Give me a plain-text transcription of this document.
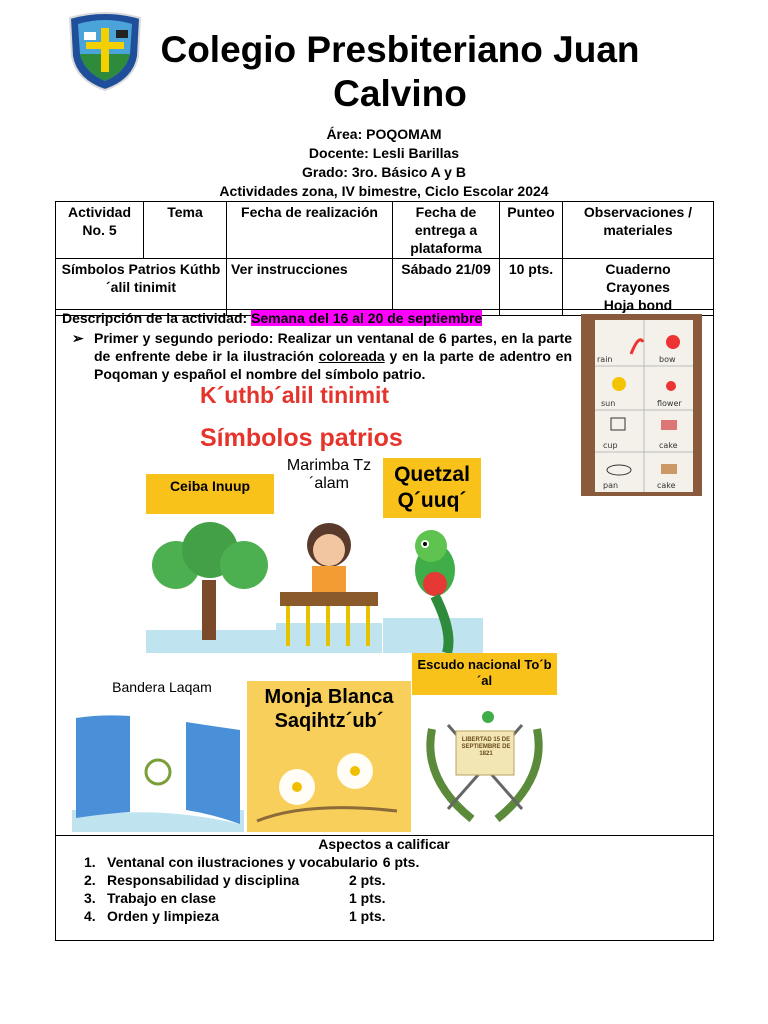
Colegio Presbiteriano Juan Calvino
Área: POQOMAM
Docente: Lesli Barillas
Grado: 3ro. Básico A y B
Actividades zona, IV bimestre, Ciclo Escolar 2024
Actividad No. 5	Tema	Fecha de realización	Fecha de entrega a plataforma	Punteo	Observaciones / materiales
Símbolos Patrios Kúthb´alil tinimit		Ver instrucciones	Sábado 21/09	10 pts.	Cuaderno
Crayones
Hoja bond
Descripción de la actividad: Semana del 16 al 20 de septiembre
➢ Primer y segundo periodo: Realizar un ventanal de 6 partes, en la parte de enfrente debe ir la ilustración coloreada y en la parte de adentro en Poqoman y español el nombre del símbolo patrio.

rain	bow
sun	flower
cup	cake
pan	cake
K´uthb´alil tinimit
Símbolos patrios
Ceiba Inuup
Marimba Tz´alam	Quetzal Q´uuq´
Bandera Laqam	Monja Blanca Saqihtz´ub´
Escudo nacional To´b´al
LIBERTAD 15 DE SEPTIEMBRE DE 1821
Aspectos a calificar
1. Ventanal con ilustraciones y vocabulario 6 pts.
2. Responsabilidad y disciplina	2 pts.
3. Trabajo en clase	1 pts.
4. Orden y limpieza	1 pts.
